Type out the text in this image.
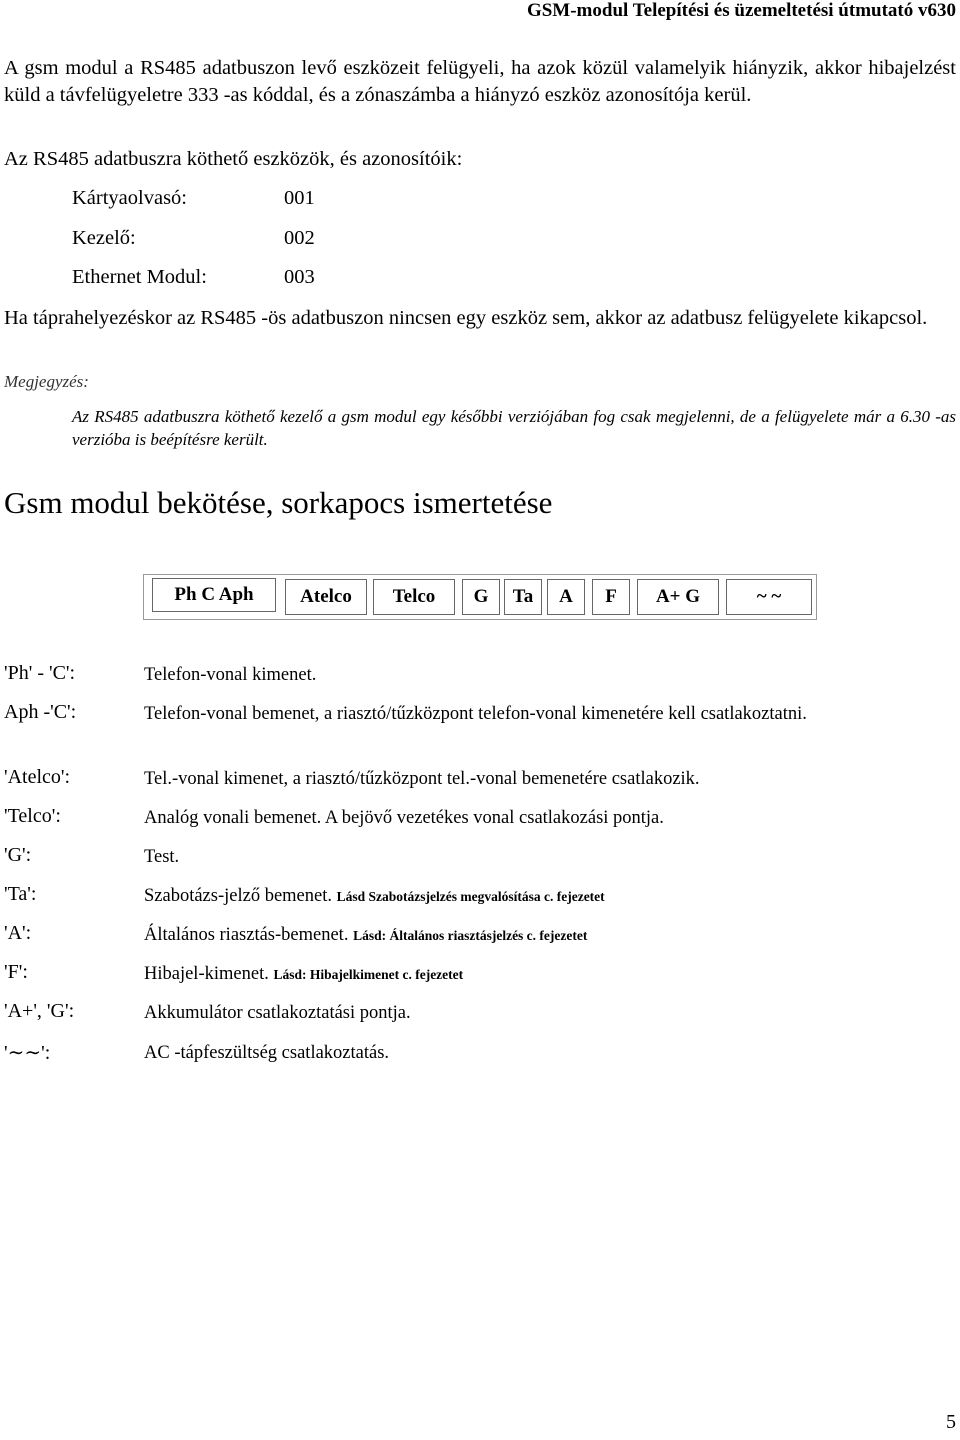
GSM-modul Telepítési és üzemeltetési útmutató v630
A gsm modul a RS485 adatbuszon levő eszközeit felügyeli, ha azok közül valamelyik hiányzik, akkor hibajelzést küld a távfelügyeletre 333 -as kóddal, és a zónaszámba a hiányzó eszköz azonosítója kerül.
Az RS485 adatbuszra köthető eszközök, és azonosítóik:
Kártyaolvasó:	001
Kezelő:	002
Ethernet Modul:	003
Ha táprahelyezéskor az RS485 -ös adatbuszon nincsen egy eszköz sem, akkor az adatbusz felügyelete kikapcsol.
Megjegyzés:
Az RS485 adatbuszra köthető kezelő a gsm modul egy későbbi verziójában fog csak megjelenni, de a felügyelete már a 6.30 -as verzióba is beépítésre került.
Gsm modul bekötése, sorkapocs ismertetése
Ph C Aph	Atelco	Telco	G	Ta	A	F	A+ G	~ ~
'Ph' - 'C':	Telefon-vonal kimenet.
Aph -'C':	Telefon-vonal bemenet, a riasztó/tűzközpont telefon-vonal kimenetére kell csatlakoztatni.
'Atelco':	Tel.-vonal kimenet, a riasztó/tűzközpont tel.-vonal bemenetére csatlakozik.
'Telco':	Analóg vonali bemenet. A bejövő vezetékes vonal csatlakozási pontja.
'G':	Test.
'Ta':	Szabotázs-jelző bemenet. Lásd Szabotázsjelzés megvalósítása c. fejezetet
'A':	Általános riasztás-bemenet. Lásd: Általános riasztásjelzés c. fejezetet
'F':	Hibajel-kimenet. Lásd: Hibajelkimenet c. fejezetet
'A+', 'G':	Akkumulátor csatlakoztatási pontja.
'∼∼':	AC -tápfeszültség csatlakoztatás.
5
